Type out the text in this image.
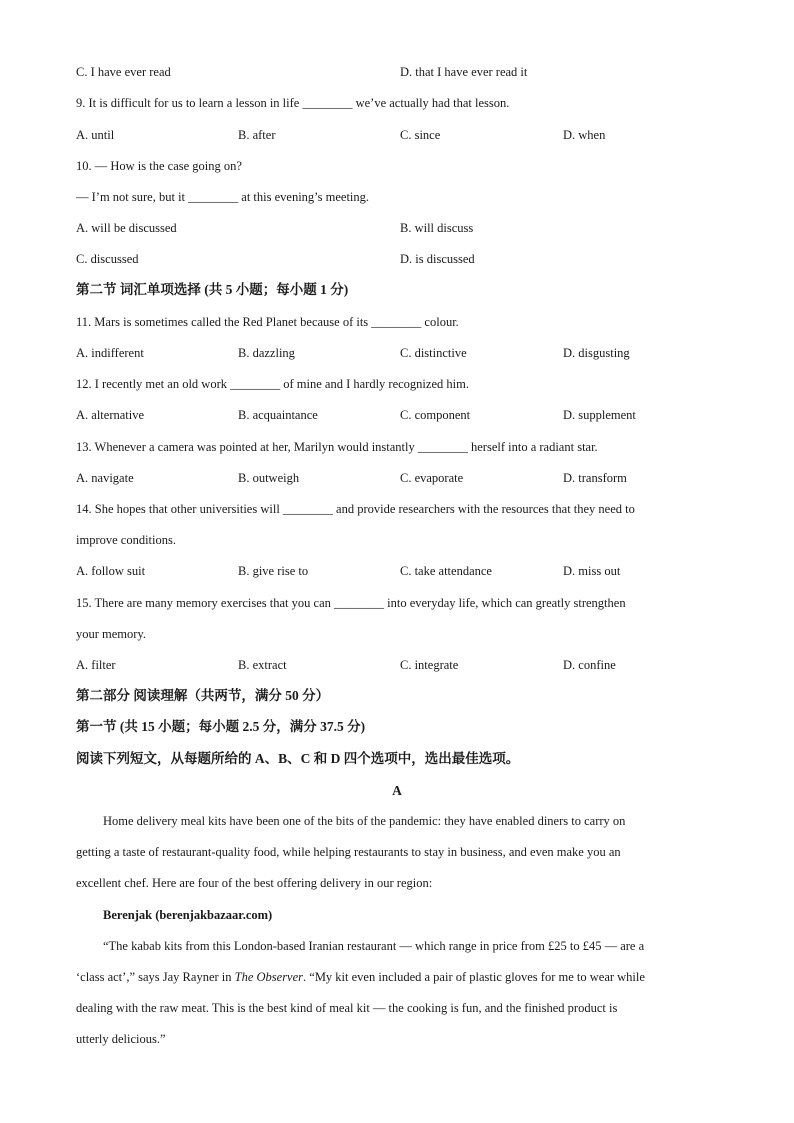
C. I have ever read	D. that I have ever read it
9. It is difficult for us to learn a lesson in life ________ we’ve actually had that lesson.
A. until	B. after	C. since	D. when
10. — How is the case going on?
— I’m not sure, but it ________ at this evening’s meeting.
A. will be discussed	B. will discuss
C. discussed	D. is discussed
第二节 词汇单项选择 (共 5 小题；每小题 1 分)
11. Mars is sometimes called the Red Planet because of its ________ colour.
A. indifferent	B. dazzling	C. distinctive	D. disgusting
12. I recently met an old work ________ of mine and I hardly recognized him.
A. alternative	B. acquaintance	C. component	D. supplement
13. Whenever a camera was pointed at her, Marilyn would instantly ________ herself into a radiant star.
A. navigate	B. outweigh	C. evaporate	D. transform
14. She hopes that other universities will ________ and provide researchers with the resources that they need to
improve conditions.
A. follow suit	B. give rise to	C. take attendance	D. miss out
15. There are many memory exercises that you can ________ into everyday life, which can greatly strengthen
your memory.
A. filter	B. extract	C. integrate	D. confine
第二部分 阅读理解（共两节，满分 50 分）
第一节 (共 15 小题；每小题 2.5 分，满分 37.5 分)
阅读下列短文，从每题所给的 A、B、C 和 D 四个选项中，选出最佳选项。
A
Home delivery meal kits have been one of the bits of the pandemic: they have enabled diners to carry on
getting a taste of restaurant-quality food, while helping restaurants to stay in business, and even make you an
excellent chef. Here are four of the best offering delivery in our region:
Berenjak (berenjakbazaar.com)
“The kabab kits from this London-based Iranian restaurant — which range in price from £25 to £45 — are a
‘class act’,” says Jay Rayner in The Observer. “My kit even included a pair of plastic gloves for me to wear while
dealing with the raw meat. This is the best kind of meal kit — the cooking is fun, and the finished product is
utterly delicious.”
